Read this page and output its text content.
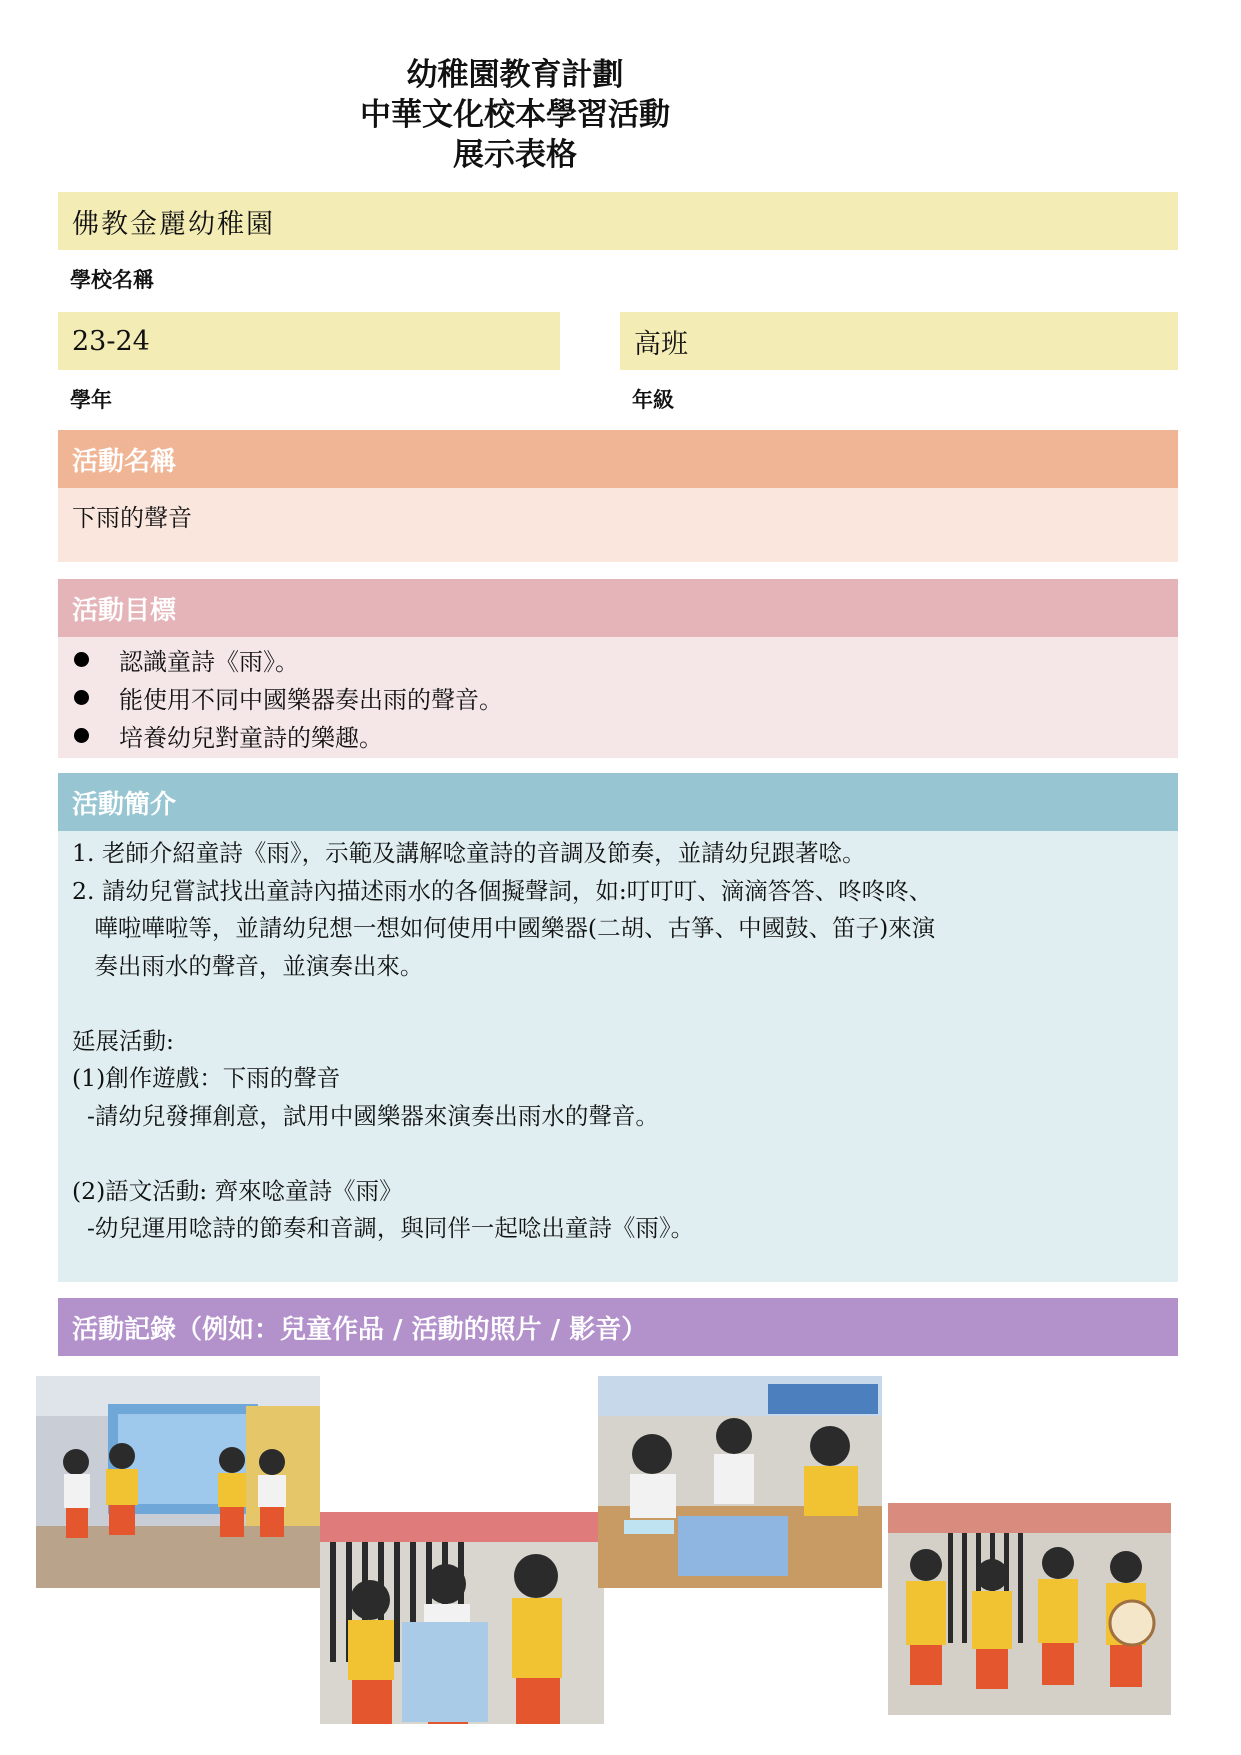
幼稚園教育計劃
中華文化校本學習活動
展示表格
佛教金麗幼稚園
學校名稱
23-24
學年
高班
年級
活動名稱
下雨的聲音
活動目標
認識童詩《雨》。
能使用不同中國樂器奏出雨的聲音。
培養幼兒對童詩的樂趣。
活動簡介
1. 老師介紹童詩《雨》，示範及講解唸童詩的音調及節奏，並請幼兒跟著唸。
2. 請幼兒嘗試找出童詩內描述雨水的各個擬聲詞，如:叮叮叮、滴滴答答、咚咚咚、
嘩啦嘩啦等，並請幼兒想一想如何使用中國樂器(二胡、古箏、中國鼓、笛子)來演
奏出雨水的聲音，並演奏出來。
延展活動:
(1)創作遊戲：下雨的聲音
-請幼兒發揮創意，試用中國樂器來演奏出雨水的聲音。
(2)語文活動: 齊來唸童詩《雨》
-幼兒運用唸詩的節奏和音調，與同伴一起唸出童詩《雨》。
活動記錄（例如：兒童作品 / 活動的照片 / 影音）
